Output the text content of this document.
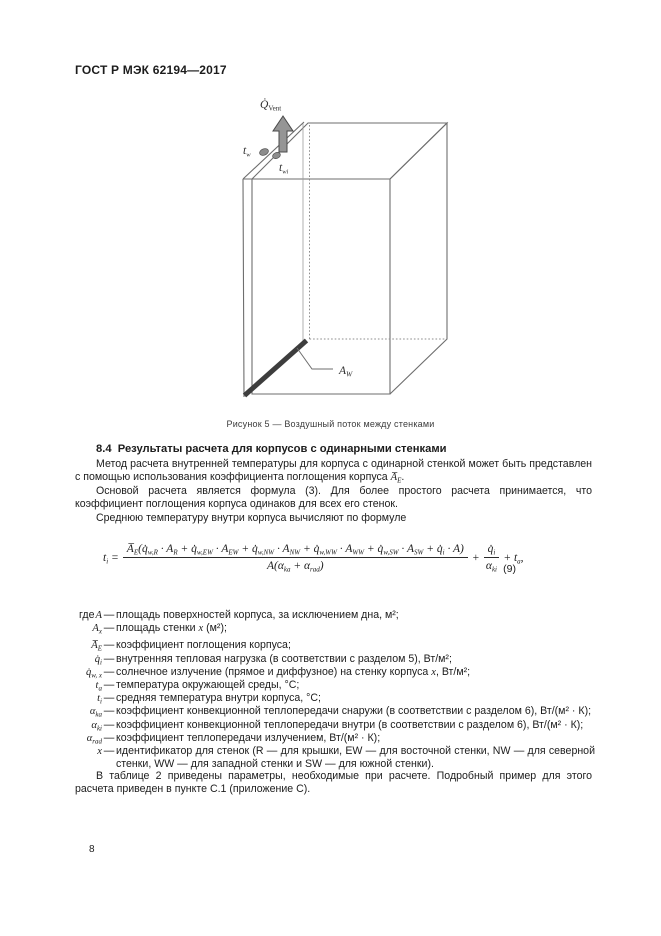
ГОСТ Р МЭК 62194—2017
$Q̇_{Vent}$
$t_w$
$t_{wi}$
$A_W$
Рисунок 5 — Воздушный поток между стенками
8.4  Результаты расчета для корпусов с одинарными стенками

Метод расчета внутренней температуры для корпуса с одинарной стенкой может быть представлен с помощью использования коэффициента поглощения корпуса $A̅_E$.

Основой расчета является формула (3). Для более простого расчета принимается, что коэффициент поглощения корпуса одинаков для всех его стенок.

Среднюю температуру внутри корпуса вычисляют по формуле

$t_i$ =
$A̅_E(q̇_{w,R} \cdot A_R$ + $q̇_{w,EW} \cdot A_{EW}$ + $q̇_{w,NW} \cdot A_{NW}$ + $q̇_{w,WW} \cdot A_{WW}$ + $q̇_{w,SW} \cdot A_{SW}$ + $q̇_i \cdot A$)
$A(\alpha_{ka} + \alpha_{rad})$
+ $\frac{q̇_i}{\alpha_{ki}} + t_a$,
(9)
где A — площадь поверхностей корпуса, за исключением дна, м²;
$A_x$ — площадь стенки x (м²);
$A̅_E$ — коэффициент поглощения корпуса;
$q̇_i$ — внутренняя тепловая нагрузка (в соответствии с разделом 5), Вт/м²;
$q̇_{w, x}$ — солнечное излучение (прямое и диффузное) на стенку корпуса x, Вт/м²;
$t_a$ — температура окружающей среды, °С;
$t_i$ — средняя температура внутри корпуса, °С;
$\alpha_{ka}$ — коэффициент конвекционной теплопередачи снаружи (в соответствии с разделом 6), Вт/(м² · К);
$\alpha_{ki}$ — коэффициент конвекционной теплопередачи внутри (в соответствии с разделом 6), Вт/(м² · К);
$\alpha_{rad}$ — коэффициент теплопередачи излучением, Вт/(м² · К);
x — идентификатор для стенок (R — для крышки, EW — для восточной стенки, NW — для северной стенки, WW — для западной стенки и SW — для южной стенки).

В таблице 2 приведены параметры, необходимые при расчете. Подробный пример для этого расчета приведен в пункте С.1 (приложение С).

8
